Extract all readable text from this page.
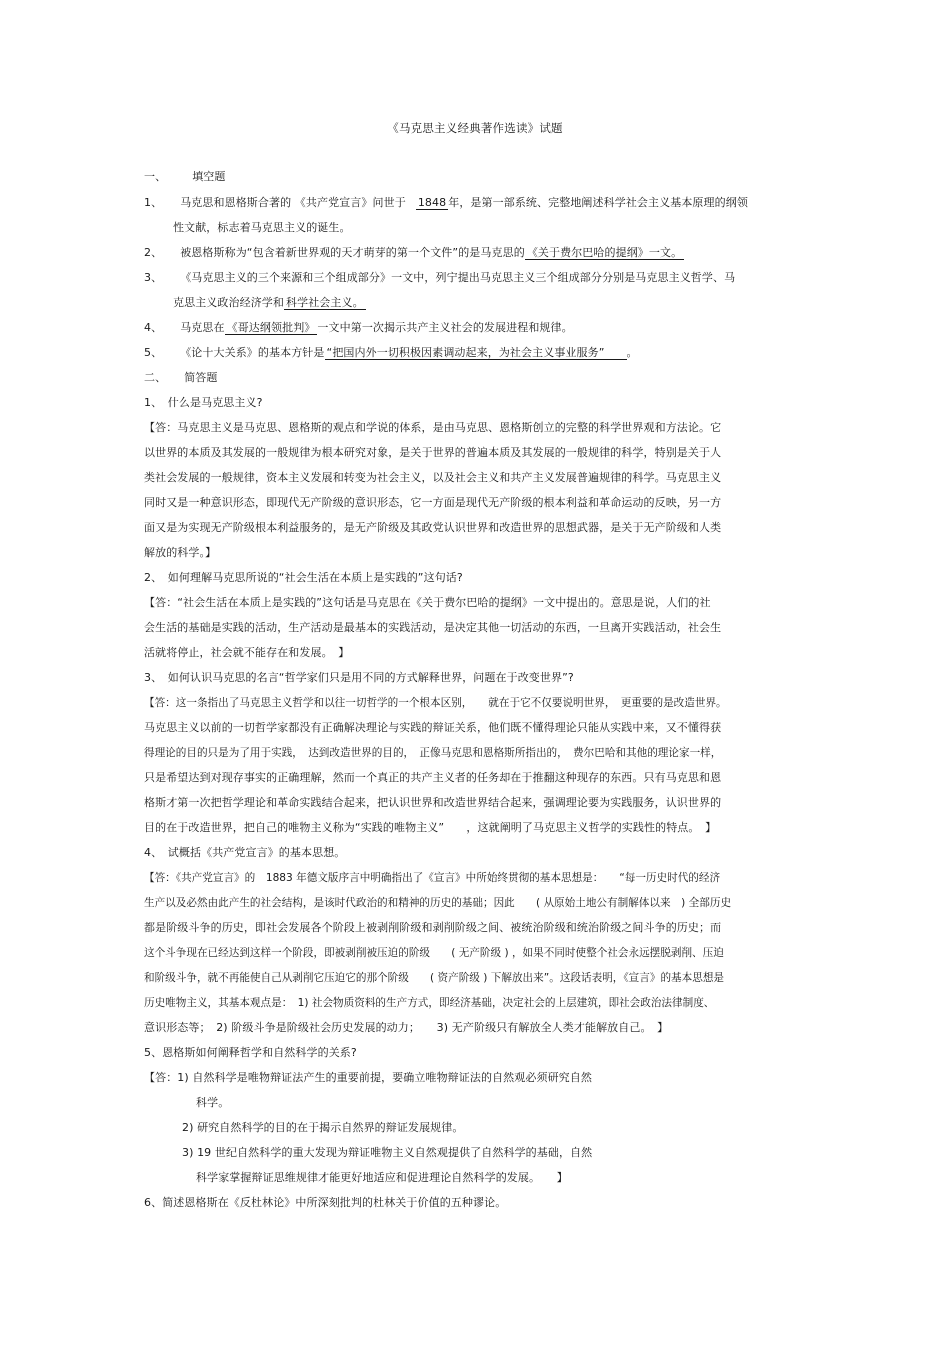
《马克思主义经典著作选读》试题
一、 填空题
1、 马克思和恩格斯合著的 《共产党宣言》问世于 1848 年，是第一部系统、完整地阐述科学社会主义基本原理的纲领
性文献，标志着马克思主义的诞生。
2、 被恩格斯称为“包含着新世界观的天才萌芽的第一个文件”的是马克思的 《关于费尔巴哈的提纲》一文。
3、 《马克思主义的三个来源和三个组成部分》一文中，列宁提出马克思主义三个组成部分分别是马克思主义哲学、马
克思主义政治经济学和 科学社会主义。
4、 马克思在 《哥达纲领批判》 一文中第一次揭示共产主义社会的发展进程和规律。
5、 《论十大关系》的基本方针是 “把国内外一切积极因素调动起来，为社会主义事业服务” 。
二、 简答题
1、　什么是马克思主义?
【答：马克思主义是马克思、恩格斯的观点和学说的体系，是由马克思、恩格斯创立的完整的科学世界观和方法论。它
以世界的本质及其发展的一般规律为根本研究对象，是关于世界的普遍本质及其发展的一般规律的科学，特别是关于人
类社会发展的一般规律，资本主义发展和转变为社会主义，以及社会主义和共产主义发展普遍规律的科学。马克思主义
同时又是一种意识形态，即现代无产阶级的意识形态，它一方面是现代无产阶级的根本利益和革命运动的反映，另一方
面又是为实现无产阶级根本利益服务的，是无产阶级及其政党认识世界和改造世界的思想武器，是关于无产阶级和人类
解放的科学。】
2、　如何理解马克思所说的“社会生活在本质上是实践的”这句话?
【答：“社会生活在本质上是实践的”这句话是马克思在《关于费尔巴哈的提纲》一文中提出的。意思是说，人们的社
会生活的基础是实践的活动，生产活动是最基本的实践活动，是决定其他一切活动的东西，一旦离开实践活动，社会生
活就将停止，社会就不能存在和发展。　】
3、　如何认识马克思的名言“哲学家们只是用不同的方式解释世界，问题在于改变世界”?
【答：这一条指出了马克思主义哲学和以往一切哲学的一个根本区别，　　就在于它不仅要说明世界，　更重要的是改造世界。
马克思主义以前的一切哲学家都没有正确解决理论与实践的辩证关系，他们既不懂得理论只能从实践中来，又不懂得获
得理论的目的只是为了用于实践，　达到改造世界的目的，　正像马克思和恩格斯所指出的，　费尔巴哈和其他的理论家一样，
只是希望达到对现存事实的正确理解，然而一个真正的共产主义者的任务却在于推翻这种现存的东西。只有马克思和恩
格斯才第一次把哲学理论和革命实践结合起来，把认识世界和改造世界结合起来，强调理论要为实践服务，认识世界的
目的在于改造世界，把自己的唯物主义称为“实践的唯物主义”　　，这就阐明了马克思主义哲学的实践性的特点。　】
4、　试概括《共产党宣言》的基本思想。
【答：《共产党宣言》的　1883 年德文版序言中明确指出了《宣言》中所始终贯彻的基本思想是：　　“每一历史时代的经济
生产以及必然由此产生的社会结构，是该时代政治的和精神的历史的基础；因此　　( 从原始土地公有制解体以来　) 全部历史
都是阶级斗争的历史，即社会发展各个阶段上被剥削阶级和剥削阶级之间、被统治阶级和统治阶级之间斗争的历史；而
这个斗争现在已经达到这样一个阶段，即被剥削被压迫的阶级　　( 无产阶级 ) ，如果不同时使整个社会永远摆脱剥削、压迫
和阶级斗争，就不再能使自己从剥削它压迫它的那个阶级　　( 资产阶级 ) 下解放出来”。这段话表明，《宣言》的基本思想是
历史唯物主义，其基本观点是：　1) 社会物质资料的生产方式，即经济基础，决定社会的上层建筑，即社会政治法律制度、
意识形态等；　2) 阶级斗争是阶级社会历史发展的动力；　　3) 无产阶级只有解放全人类才能解放自己。　】
5、恩格斯如何阐释哲学和自然科学的关系?
【答：1) 自然科学是唯物辩证法产生的重要前提，要确立唯物辩证法的自然观必须研究自然
科学。
2) 研究自然科学的目的在于揭示自然界的辩证发展规律。
3) 19 世纪自然科学的重大发现为辩证唯物主义自然观提供了自然科学的基础，自然
科学家掌握辩证思维规律才能更好地适应和促进理论自然科学的发展。　　】
6、简述恩格斯在《反杜林论》中所深刻批判的杜林关于价值的五种谬论。
